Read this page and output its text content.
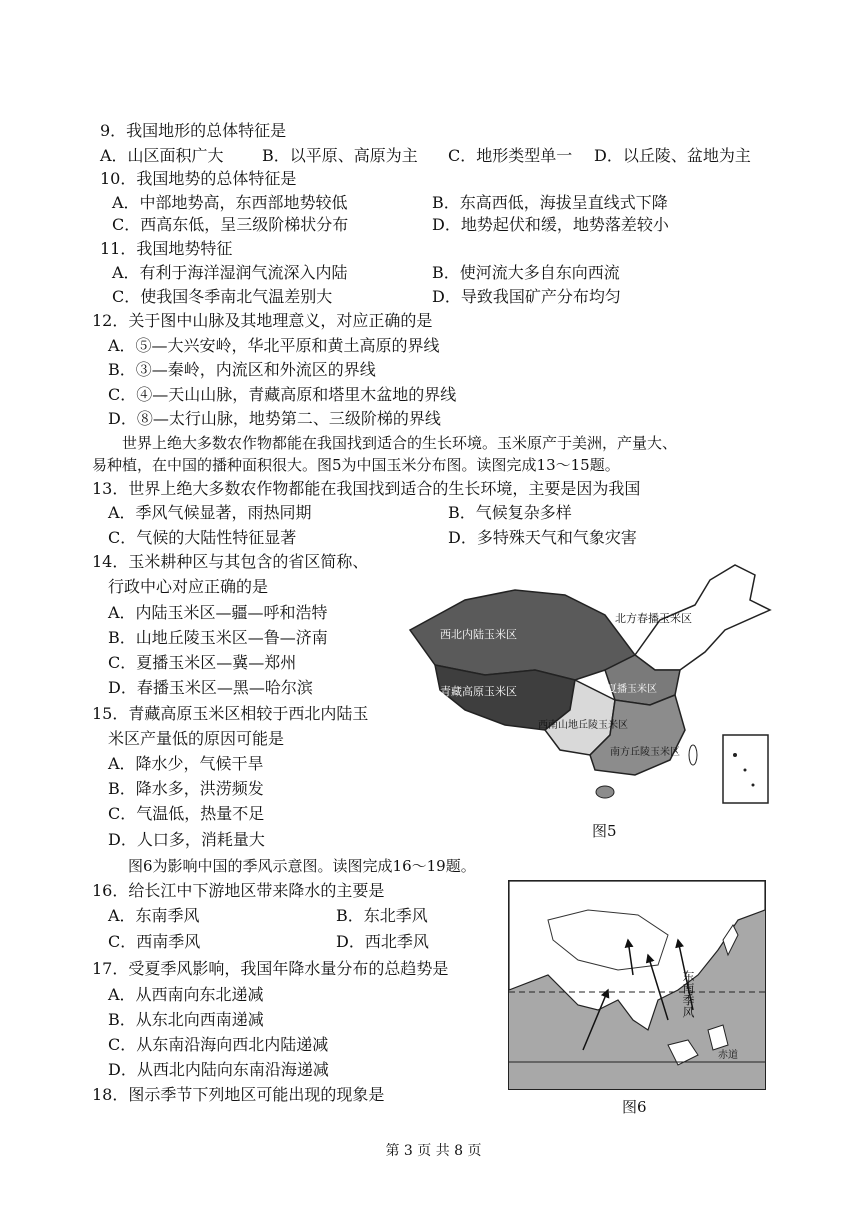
9．我国地形的总体特征是
A．山区面积广大 B．以平原、高原为主 C．地形类型单一 D．以丘陵、盆地为主
10．我国地势的总体特征是
A．中部地势高，东西部地势较低	B．东高西低，海拔呈直线式下降
C．西高东低，呈三级阶梯状分布	D．地势起伏和缓，地势落差较小
11．我国地势特征
A．有利于海洋湿润气流深入内陆	B．使河流大多自东向西流
C．使我国冬季南北气温差别大	D．导致我国矿产分布均匀
12．关于图中山脉及其地理意义，对应正确的是
A．⑤—大兴安岭，华北平原和黄土高原的界线
B．③—秦岭，内流区和外流区的界线
C．④—天山山脉，青藏高原和塔里木盆地的界线
D．⑧—太行山脉，地势第二、三级阶梯的界线
世界上绝大多数农作物都能在我国找到适合的生长环境。玉米原产于美洲，产量大、
易种植，在中国的播种面积很大。图5为中国玉米分布图。读图完成13～15题。
13．世界上绝大多数农作物都能在我国找到适合的生长环境，主要是因为我国
A．季风气候显著，雨热同期	B．气候复杂多样
C．气候的大陆性特征显著	D．多特殊天气和气象灾害
14．玉米耕种区与其包含的省区简称、
行政中心对应正确的是
A．内陆玉米区—疆—呼和浩特
B．山地丘陵玉米区—鲁—济南
C．夏播玉米区—冀—郑州
D．春播玉米区—黑—哈尔滨
15．青藏高原玉米区相较于西北内陆玉
米区产量低的原因可能是
A．降水少，气候干旱
B．降水多，洪涝频发
C．气温低，热量不足
D．人口多，消耗量大
西北内陆玉米区
青藏高原玉米区
北方春播玉米区
夏播玉米区
西南山地丘陵玉米区
南方丘陵玉米区
图5
图6为影响中国的季风示意图。读图完成16～19题。
16．给长江中下游地区带来降水的主要是
A．东南季风	B．东北季风
C．西南季风	D．西北季风
17．受夏季风影响，我国年降水量分布的总趋势是
A．从西南向东北递减
B．从东北向西南递减
C．从东南沿海向西北内陆递减
D．从西北内陆向东南沿海递减
18．图示季节下列地区可能出现的现象是
赤道
东南季风
图6
第 3 页 共 8 页
